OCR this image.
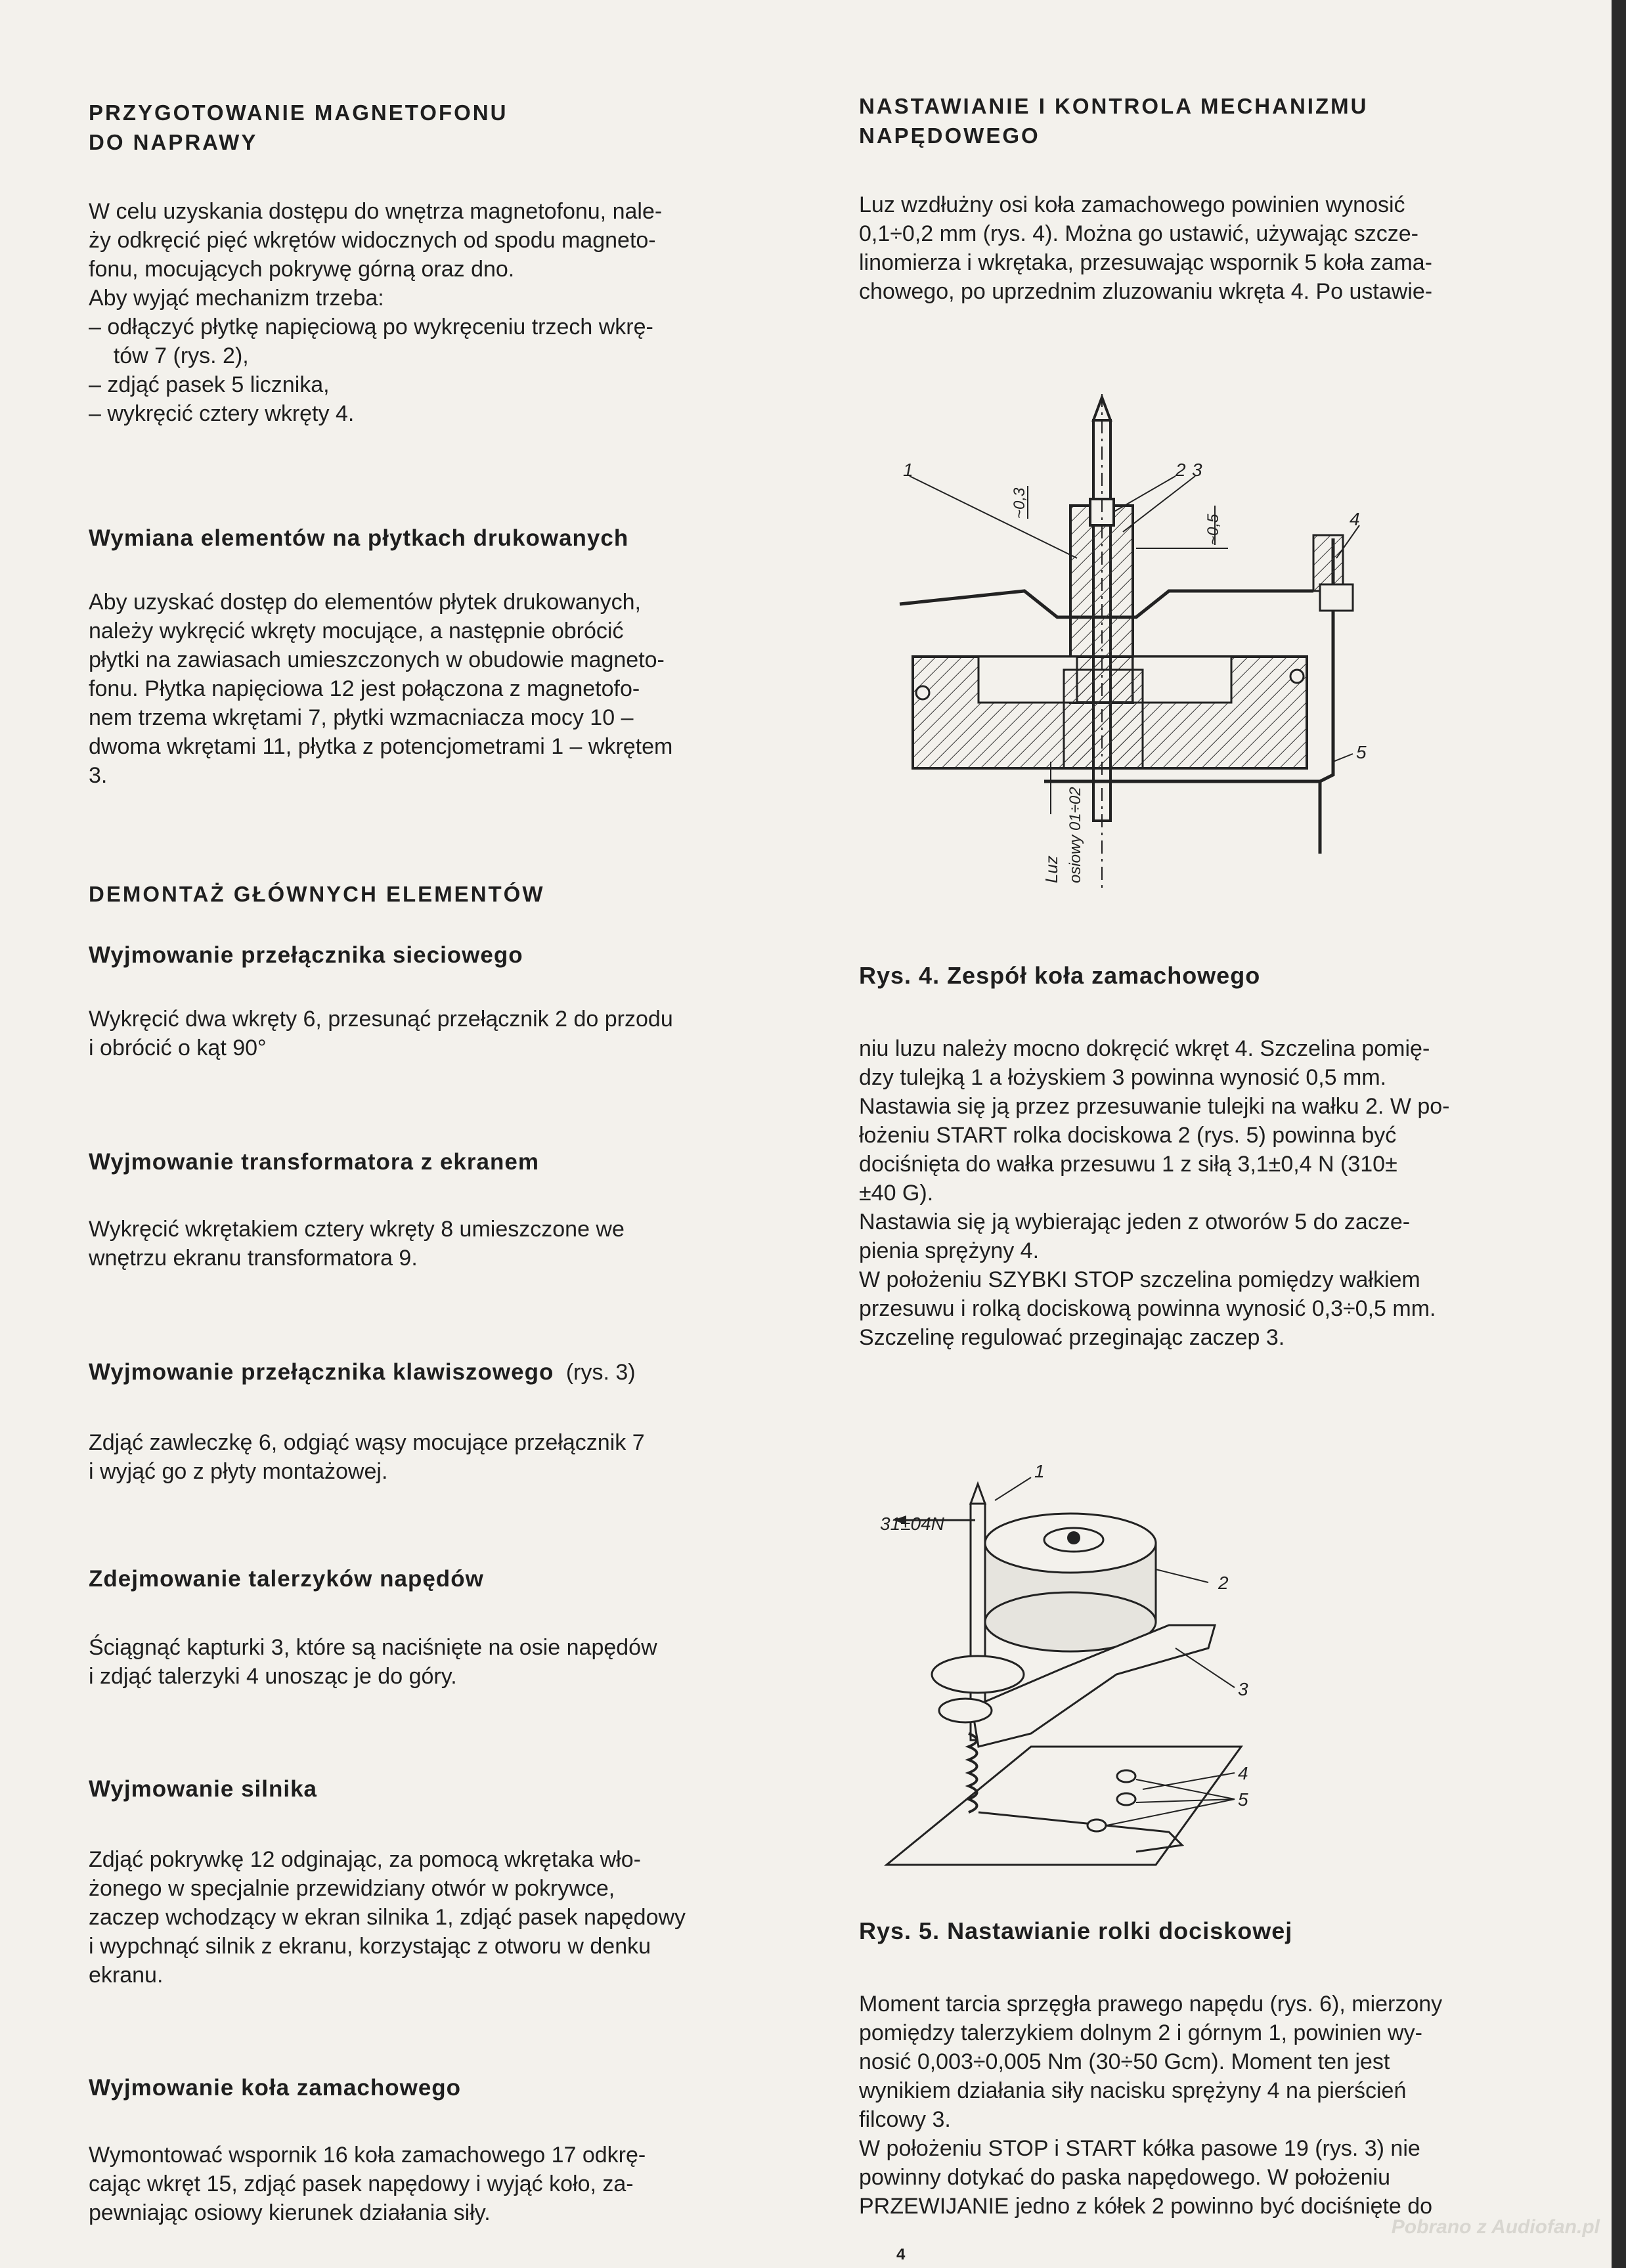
PRZYGOTOWANIE MAGNETOFONU
DO NAPRAWY
W celu uzyskania dostępu do wnętrza magnetofonu, nale-
ży odkręcić pięć wkrętów widocznych od spodu magneto-
fonu, mocujących pokrywę górną oraz dno.
Aby wyjąć mechanizm trzeba:
– odłączyć płytkę napięciową po wykręceniu trzech wkrę-
tów 7 (rys. 2),
– zdjąć pasek 5 licznika,
– wykręcić cztery wkręty 4.
Wymiana elementów na płytkach drukowanych
Aby uzyskać dostęp do elementów płytek drukowanych,
należy wykręcić wkręty mocujące, a następnie obrócić
płytki na zawiasach umieszczonych w obudowie magneto-
fonu. Płytka napięciowa 12 jest połączona z magnetofo-
nem trzema wkrętami 7, płytki wzmacniacza mocy 10 –
dwoma wkrętami 11, płytka z potencjometrami 1 – wkrętem
3.
DEMONTAŻ GŁÓWNYCH ELEMENTÓW
Wyjmowanie przełącznika sieciowego
Wykręcić dwa wkręty 6, przesunąć przełącznik 2 do przodu
i obrócić o kąt 90°
Wyjmowanie transformatora z ekranem
Wykręcić wkrętakiem cztery wkręty 8 umieszczone we
wnętrzu ekranu transformatora 9.
Wyjmowanie przełącznika klawiszowego (rys. 3)
Zdjąć zawleczkę 6, odgiąć wąsy mocujące przełącznik 7
i wyjąć go z płyty montażowej.
Zdejmowanie talerzyków napędów
Ściągnąć kapturki 3, które są naciśnięte na osie napędów
i zdjąć talerzyki 4 unosząc je do góry.
Wyjmowanie silnika
Zdjąć pokrywkę 12 odginając, za pomocą wkrętaka wło-
żonego w specjalnie przewidziany otwór w pokrywce,
zaczep wchodzący w ekran silnika 1, zdjąć pasek napędowy
i wypchnąć silnik z ekranu, korzystając z otworu w denku
ekranu.
Wyjmowanie koła zamachowego
Wymontować wspornik 16 koła zamachowego 17 odkrę-
cając wkręt 15, zdjąć pasek napędowy i wyjąć koło, za-
pewniając osiowy kierunek działania siły.
NASTAWIANIE I KONTROLA MECHANIZMU
NAPĘDOWEGO
Luz wzdłużny osi koła zamachowego powinien wynosić
0,1÷0,2 mm (rys. 4). Można go ustawić, używając szcze-
linomierza i wkrętaka, przesuwając wspornik 5 koła zama-
chowego, po uprzednim zluzowaniu wkręta 4. Po ustawie-
1	2 3
4
5
~0,3
~0,5
Luz osiowy 01÷02
Rys. 4. Zespół koła zamachowego
niu luzu należy mocno dokręcić wkręt 4. Szczelina pomię-
dzy tulejką 1 a łożyskiem 3 powinna wynosić 0,5 mm.
Nastawia się ją przez przesuwanie tulejki na wałku 2. W po-
łożeniu START rolka dociskowa 2 (rys. 5) powinna być
dociśnięta do wałka przesuwu 1 z siłą 3,1±0,4 N (310±
±40 G).
Nastawia się ją wybierając jeden z otworów 5 do zacze-
pienia sprężyny 4.
W położeniu SZYBKI STOP szczelina pomiędzy wałkiem
przesuwu i rolką dociskową powinna wynosić 0,3÷0,5 mm.
Szczelinę regulować przeginając zaczep 3.
31±04N
1
2
3
4
5
Rys. 5. Nastawianie rolki dociskowej
Moment tarcia sprzęgła prawego napędu (rys. 6), mierzony
pomiędzy talerzykiem dolnym 2 i górnym 1, powinien wy-
nosić 0,003÷0,005 Nm (30÷50 Gcm). Moment ten jest
wynikiem działania siły nacisku sprężyny 4 na pierścień
filcowy 3.
W położeniu STOP i START kółka pasowe 19 (rys. 3) nie
powinny dotykać do paska napędowego. W położeniu
PRZEWIJANIE jedno z kółek 2 powinno być dociśnięte do
Pobrano z Audiofan.pl
4
